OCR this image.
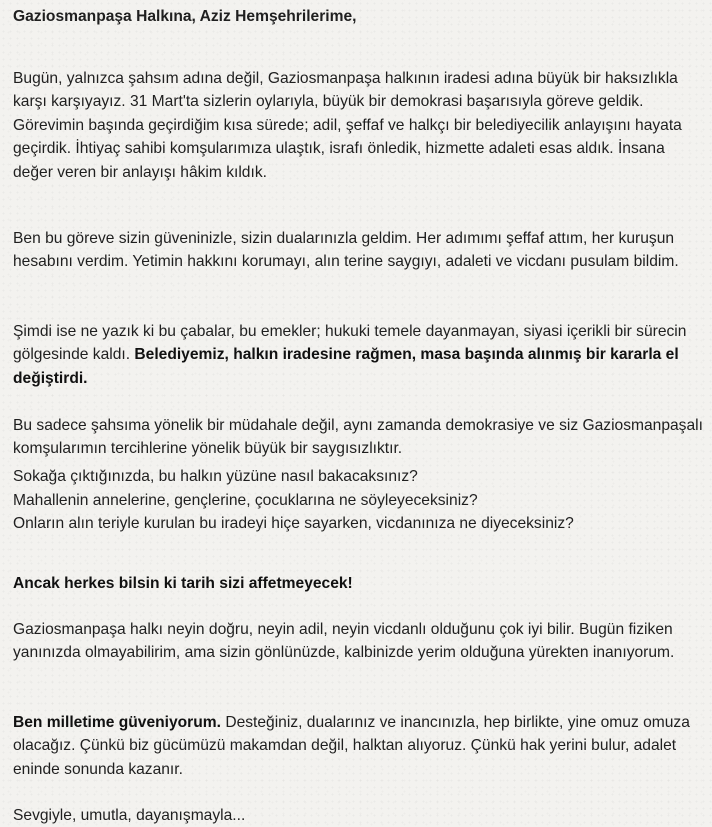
Gaziosmanpaşa Halkına, Aziz Hemşehrilerime,

Bugün, yalnızca şahsım adına değil, Gaziosmanpaşa halkının iradesi adına büyük bir haksızlıkla karşı karşıyayız. 31 Mart'ta sizlerin oylarıyla, büyük bir demokrasi başarısıyla göreve geldik. Görevimin başında geçirdiğim kısa sürede; adil, şeffaf ve halkçı bir belediyecilik anlayışını hayata geçirdik. İhtiyaç sahibi komşularımıza ulaştık, israfı önledik, hizmette adaleti esas aldık. İnsana değer veren bir anlayışı hâkim kıldık.

Ben bu göreve sizin güveninizle, sizin dualarınızla geldim. Her adımımı şeffaf attım, her kuruşun hesabını verdim. Yetimin hakkını korumayı, alın terine saygıyı, adaleti ve vicdanı pusulam bildim.

Şimdi ise ne yazık ki bu çabalar, bu emekler; hukuki temele dayanmayan, siyasi içerikli bir sürecin gölgesinde kaldı. Belediyemiz, halkın iradesine rağmen, masa başında alınmış bir kararla el değiştirdi.

Bu sadece şahsıma yönelik bir müdahale değil, aynı zamanda demokrasiye ve siz Gaziosmanpaşalı komşularımın tercihlerine yönelik büyük bir saygısızlıktır.

Sokağa çıktığınızda, bu halkın yüzüne nasıl bakacaksınız?
Mahallenin annelerine, gençlerine, çocuklarına ne söyleyeceksiniz?
Onların alın teriyle kurulan bu iradeyi hiçe sayarken, vicdanınıza ne diyeceksiniz?

Ancak herkes bilsin ki tarih sizi affetmeyecek!

Gaziosmanpaşa halkı neyin doğru, neyin adil, neyin vicdanlı olduğunu çok iyi bilir. Bugün fiziken yanınızda olmayabilirim, ama sizin gönlünüzde, kalbinizde yerim olduğuna yürekten inanıyorum.

Ben milletime güveniyorum. Desteğiniz, dualarınız ve inancınızla, hep birlikte, yine omuz omuza olacağız. Çünkü biz gücümüzü makamdan değil, halktan alıyoruz. Çünkü hak yerini bulur, adalet eninde sonunda kazanır.

Sevgiyle, umutla, dayanışmayla...
